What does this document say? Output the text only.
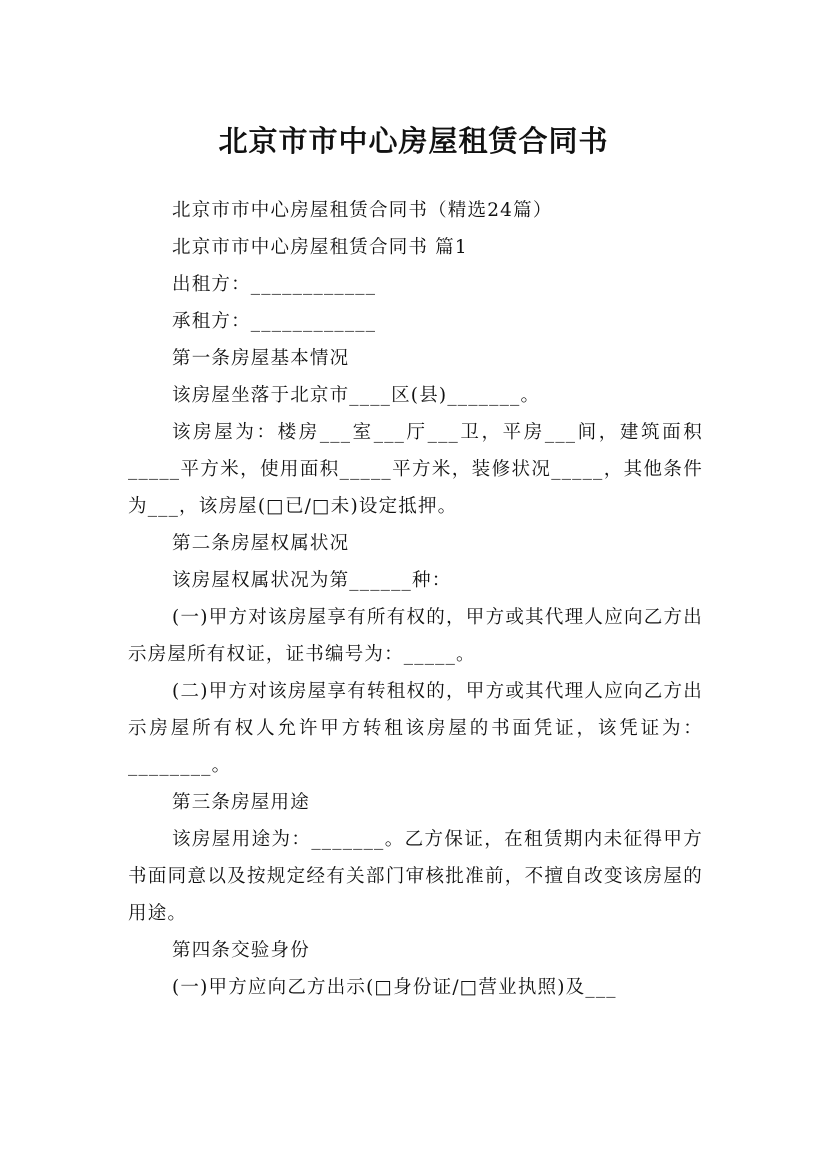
北京市市中心房屋租赁合同书

北京市市中心房屋租赁合同书（精选24篇）

北京市市中心房屋租赁合同书 篇1

出租方：____________

承租方：____________

第一条房屋基本情况

该房屋坐落于北京市____区(县)_______。

该房屋为：楼房___室___厅___卫，平房___间，建筑面积_____平方米，使用面积_____平方米，装修状况_____，其他条件为___，该房屋(□已/□未)设定抵押。

第二条房屋权属状况

该房屋权属状况为第______种：

(一)甲方对该房屋享有所有权的，甲方或其代理人应向乙方出示房屋所有权证，证书编号为：_____。

(二)甲方对该房屋享有转租权的，甲方或其代理人应向乙方出示房屋所有权人允许甲方转租该房屋的书面凭证，该凭证为：________。

第三条房屋用途

该房屋用途为：_______。乙方保证，在租赁期内未征得甲方书面同意以及按规定经有关部门审核批准前，不擅自改变该房屋的用途。

第四条交验身份

(一)甲方应向乙方出示(□身份证/□营业执照)及___
